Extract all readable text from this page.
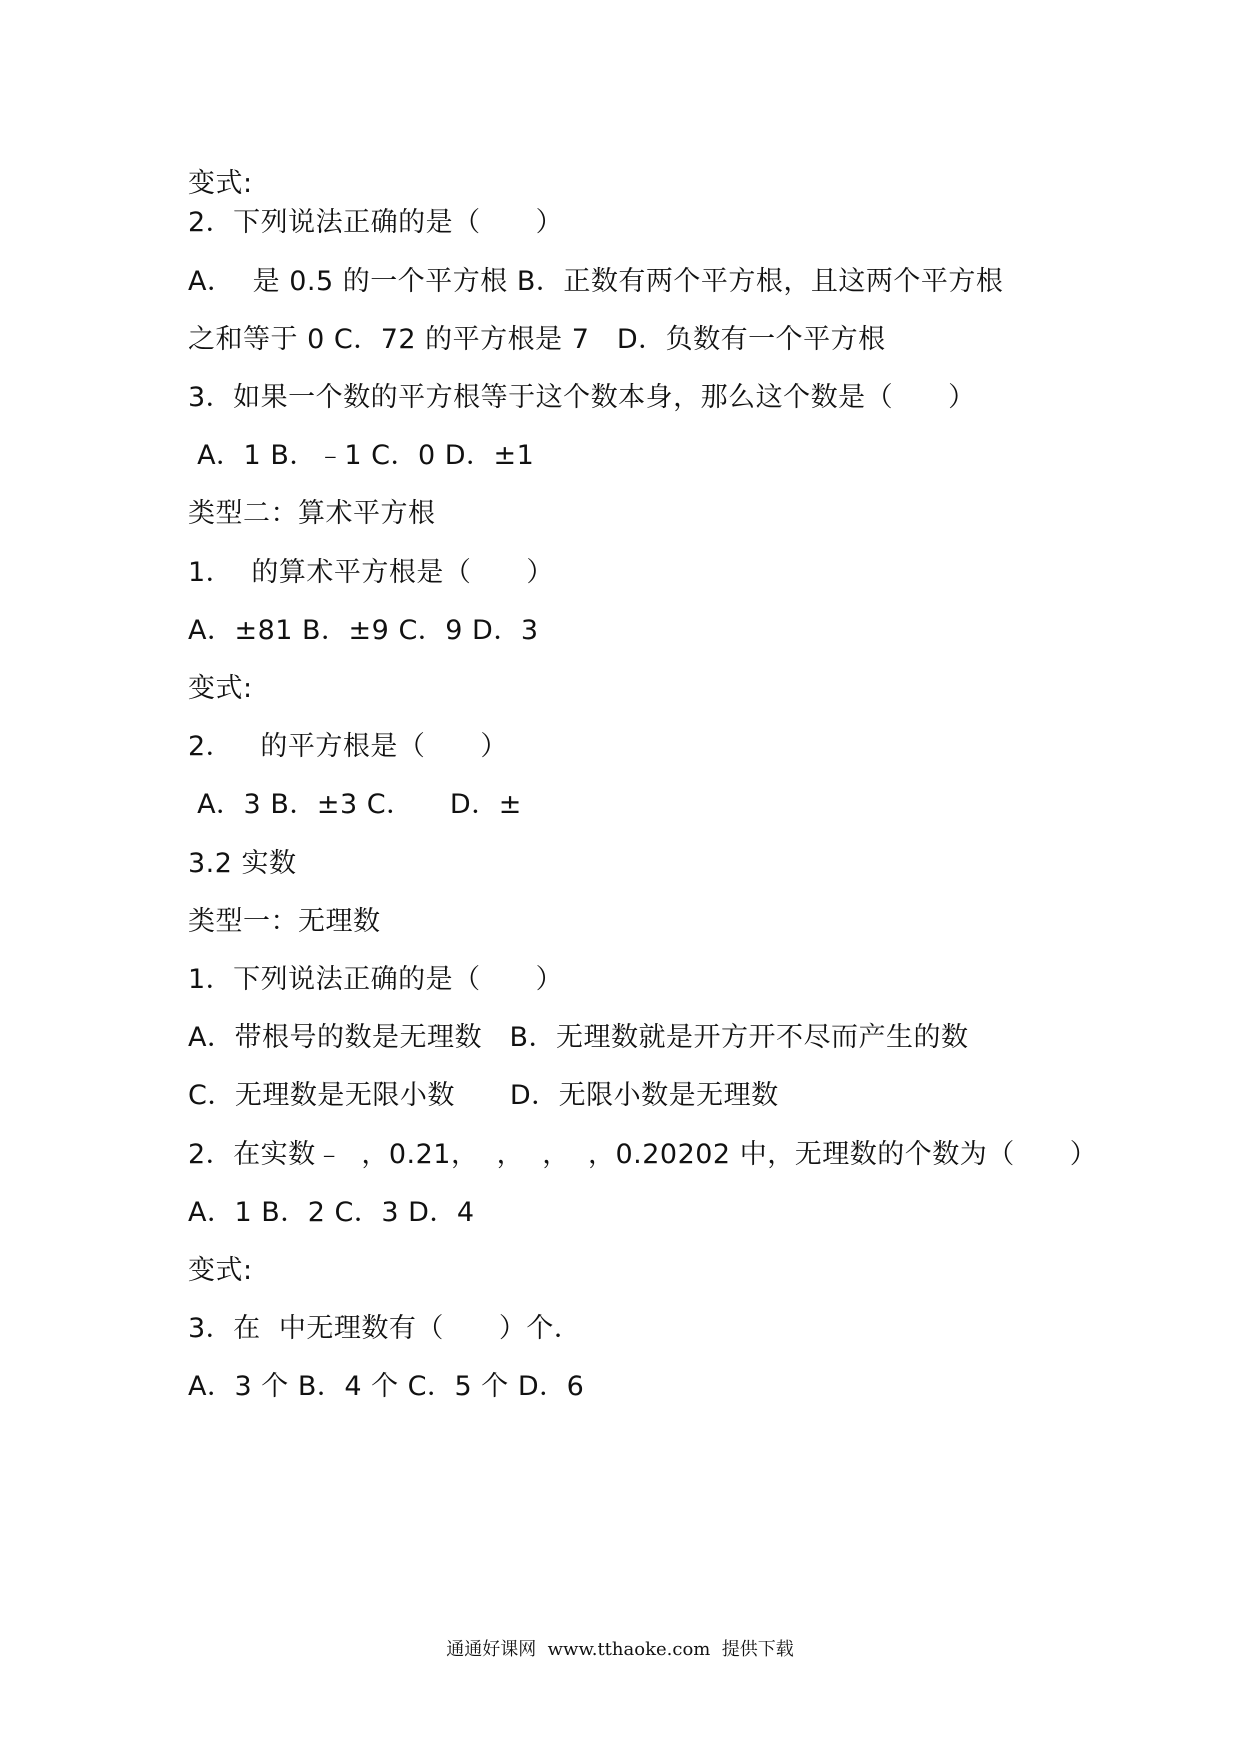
变式:
2．下列说法正确的是（　　）
A．  是 0.5 的一个平方根 B．正数有两个平方根，且这两个平方根
之和等于 0 C．72 的平方根是 7　D．负数有一个平方根
3．如果一个数的平方根等于这个数本身，那么这个数是（　　）
A．1 B．﹣1 C．0 D．±1
类型二：算术平方根
1．  的算术平方根是（　　）
A．±81 B．±9 C．9 D．3
变式:
2．   的平方根是（　　）
A．3 B．±3 C．    D．±
3.2 实数
类型一：无理数
1．下列说法正确的是（　　）
A．带根号的数是无理数　B．无理数就是开方开不尽而产生的数
C．无理数是无限小数　　D．无限小数是无理数
2．在实数﹣  ，0.21，  ，  ，  ，0.20202 中，无理数的个数为（　　）
A．1 B．2 C．3 D．4
变式:
3．在  中无理数有（　　）个．
A．3 个 B．4 个 C．5 个 D．6
通通好课网  www.tthaoke.com  提供下载
